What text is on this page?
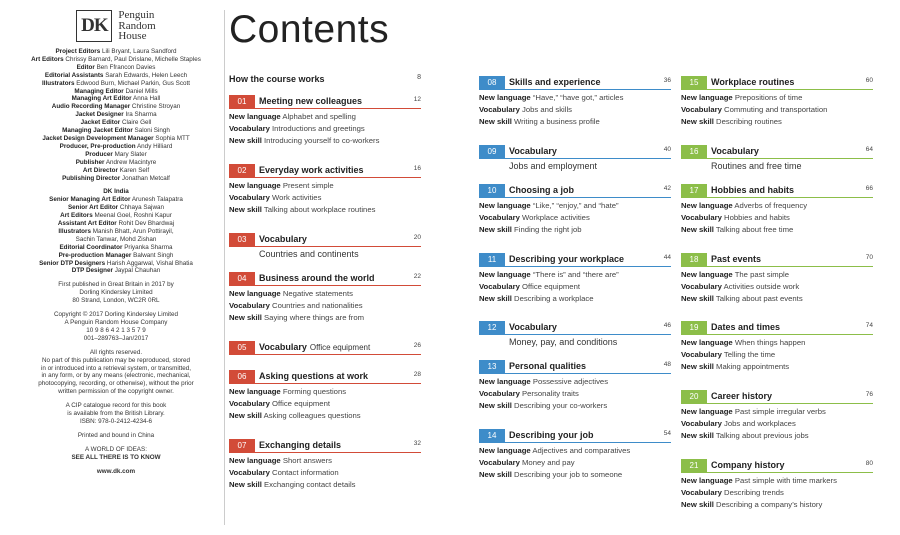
DK Penguin
Random
House
Project Editors Lili Bryant, Laura Sandford
Art Editors Chrissy Barnard, Paul Drislane, Michelle Staples
Editor Ben Ffrancon Davies
Editorial Assistants Sarah Edwards, Helen Leech
Illustrators Edwood Burn, Michael Parkin, Gus Scott
Managing Editor Daniel Mills
Managing Art Editor Anna Hall
Audio Recording Manager Christine Stroyan
Jacket Designer Ira Sharma
Jacket Editor Claire Gell
Managing Jacket Editor Saloni Singh
Jacket Design Development Manager Sophia MTT
Producer, Pre-production Andy Hilliard
Producer Mary Slater
Publisher Andrew Macintyre
Art Director Karen Self
Publishing Director Jonathan Metcalf
DK India
Senior Managing Art Editor Arunesh Talapatra
Senior Art Editor Chhaya Sajwan
Art Editors Meenal Goel, Roshni Kapur
Assistant Art Editor Rohit Dev Bhardwaj
Illustrators Manish Bhatt, Arun Pottirayil,
Sachin Tanwar, Mohd Zishan
Editorial Coordinator Priyanka Sharma
Pre-production Manager Balwant Singh
Senior DTP Designers Harish Aggarwal, Vishal Bhatia
DTP Designer Jaypal Chauhan
First published in Great Britain in 2017 by
Dorling Kindersley Limited
80 Strand, London, WC2R 0RL
Copyright © 2017 Dorling Kindersley Limited
A Penguin Random House Company
10 9 8 6 4 2 1 3 5 7 9
001–289763–Jan/2017
All rights reserved.
No part of this publication may be reproduced, stored
in or introduced into a retrieval system, or transmitted,
in any form, or by any means (electronic, mechanical,
photocopying, recording, or otherwise), without the prior
written permission of the copyright owner.
A CIP catalogue record for this book
is available from the British Library.
ISBN: 978-0-2412-4234-6
Printed and bound in China
A WORLD OF IDEAS:
SEE ALL THERE IS TO KNOW
www.dk.com
Contents
How the course works	8
01	Meeting new colleagues	12
New language Alphabet and spelling
Vocabulary Introductions and greetings
New skill Introducing yourself to co-workers
02	Everyday work activities	16
New language Present simple
Vocabulary Work activities
New skill Talking about workplace routines
03	Vocabulary	20
Countries and continents
04	Business around the world	22
New language Negative statements
Vocabulary Countries and nationalities
New skill Saying where things are from
05	Vocabulary Office equipment	26
06	Asking questions at work	28
New language Forming questions
Vocabulary Office equipment
New skill Asking colleagues questions
07	Exchanging details	32
New language Short answers
Vocabulary Contact information
New skill Exchanging contact details
08	Skills and experience	36
New language “Have,” “have got,” articles
Vocabulary Jobs and skills
New skill Writing a business profile
09	Vocabulary	40
Jobs and employment
10	Choosing a job	42
New language “Like,” “enjoy,” and “hate”
Vocabulary Workplace activities
New skill Finding the right job
11	Describing your workplace	44
New language “There is” and “there are”
Vocabulary Office equipment
New skill Describing a workplace
12	Vocabulary	46
Money, pay, and conditions
13	Personal qualities	48
New language Possessive adjectives
Vocabulary Personality traits
New skill Describing your co-workers
14	Describing your job	54
New language Adjectives and comparatives
Vocabulary Money and pay
New skill Describing your job to someone
15	Workplace routines	60
New language Prepositions of time
Vocabulary Commuting and transportation
New skill Describing routines
16	Vocabulary	64
Routines and free time
17	Hobbies and habits	66
New language Adverbs of frequency
Vocabulary Hobbies and habits
New skill Talking about free time
18	Past events	70
New language The past simple
Vocabulary Activities outside work
New skill Talking about past events
19	Dates and times	74
New language When things happen
Vocabulary Telling the time
New skill Making appointments
20	Career history	76
New language Past simple irregular verbs
Vocabulary Jobs and workplaces
New skill Talking about previous jobs
21	Company history	80
New language Past simple with time markers
Vocabulary Describing trends
New skill Describing a company’s history
